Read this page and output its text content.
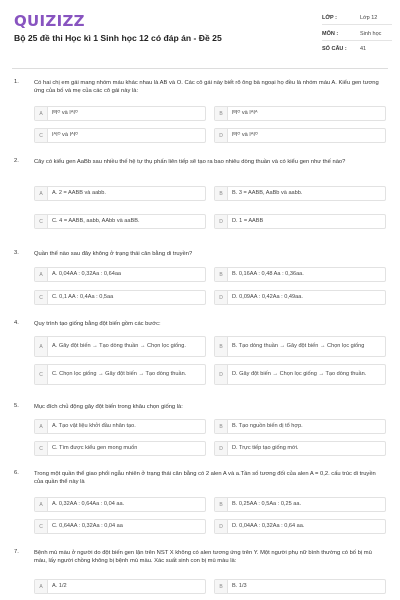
QUIZIZZ
Bộ 25 đề thi Học kì 1 Sinh học 12 có đáp án - Đề 25
LỚP :	Lớp 12
MÔN :	Sinh học
SỐ CÂU : 41
1.	Có hai chị em gái mang nhóm máu khác nhau là AB và O. Các cô gái này biết rõ ông bà ngoại họ đều là nhóm máu A. Kiểu gen tương ứng của bố và mẹ của các cô gái này là:
A	IᴮIᴼ và IᴬIᴼ	B	IᴮIᴼ và IᴬIᴬ
C	IᴬIᴼ và IᴬIᴼ	D	IᴮIᴼ và IᴬIᴼ
2.	Cây có kiểu gen AaBb sau nhiều thế hệ tự thụ phấn liên tiếp sẽ tạo ra bao nhiêu dòng thuần và có kiểu gen như thế nào?
A	A. 2 = AABB và aabb.	B	B. 3 = AABB, AaBb và aabb.
C	C. 4 = AABB, aabb, AAbb và aaBB.	D	D. 1 = AABB
3.	Quần thể nào sau đây không ở trạng thái cân bằng di truyền?
A	A. 0,04AA : 0,32Aa : 0,64aa	B	B. 0,16AA : 0,48 Aa : 0,36aa.
C	C. 0,1 AA : 0,4Aa : 0,5aa	D	D. 0,09AA : 0,42Aa : 0,49aa.
4.	Quy trình tạo giống bằng đột biến gồm các bước:
A	A. Gây đột biến → Tạo dòng thuần → Chọn lọc giống.	B	B. Tạo dòng thuần → Gây đột biến → Chọn lọc giống
C	C. Chọn lọc giống → Gây đột biến → Tạo dòng thuần.	D	D. Gây đột biến → Chọn lọc giống → Tạo dòng thuần.
5.	Mục đích chủ động gây đột biến trong khâu chọn giống là:
A	A. Tạo vật liệu khởi đầu nhân tạo.	B	B. Tạo nguồn biến dị tổ hợp.
C	C. Tìm được kiểu gen mong muốn	D	D. Trực tiếp tạo giống mới.
6.	Trong một quần thể giao phối ngẫu nhiên ở trạng thái cân bằng có 2 alen A và a.Tần số tương đối của alen A = 0,2. cấu trúc di truyền của quần thể này là
A	A. 0,32AA : 0,64Aa : 0,04 aa.	B	B. 0,25AA : 0,5Aa : 0,25 aa.
C	C. 0,64AA : 0,32Aa : 0,04 aa	D	D. 0,04AA : 0,32Aa : 0,64 aa.
7.	Bệnh mù màu ở người do đột biến gen lặn trên NST X không có alen tương ứng trên Y. Một người phụ nữ bình thường có bố bị mù màu, lấy người chồng không bị bệnh mù màu. Xác suất sinh con bị mù màu là:
A	A. 1/2	B	B. 1/3
